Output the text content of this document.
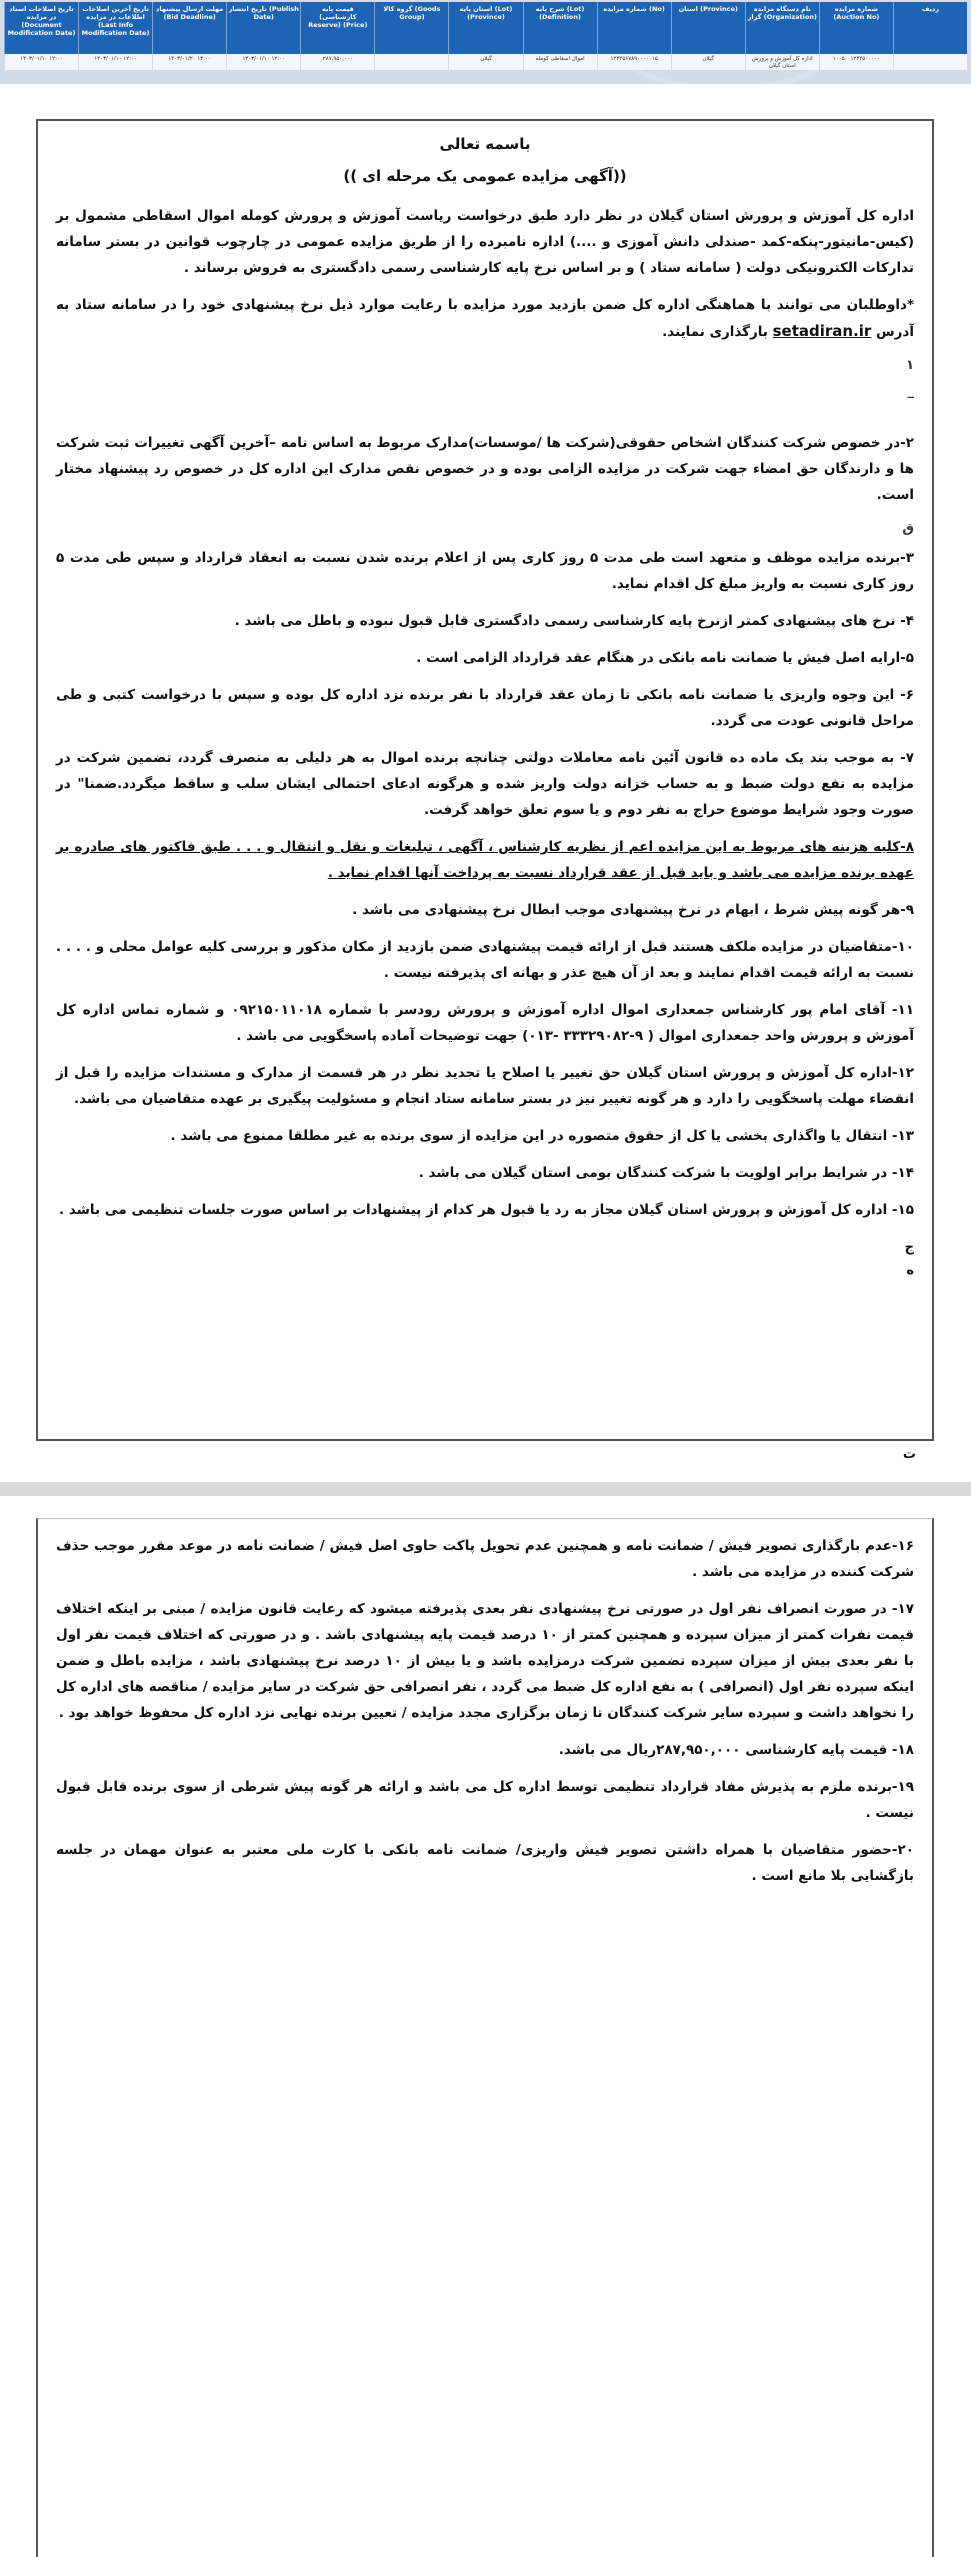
ردیف
شماره مزایده (Auction No)
نام دستگاه مزایده گزار (Organization)
استان (Province)
شماره مزایده (No)
شرح پایه (Lot) (Definition)
استان پایه (Lot) (Province)
گروه کالا (Goods Group)
قیمت پایه (کارشناسی Reserve) (Price)
تاریخ انتشار (Publish Date)
مهلت ارسال پیشنهاد (Bid Deadline)
تاریخ آخرین اصلاحات اطلاعات در مزایده (Last Info Modification Date)
تاریخ اصلاحات اسناد در مزایده (Document Modification Date)
۱۰۰۵۰۰۱۲۳۴۵۰۰۰۰۰
اداره کل آموزش و پرورش استان گیلان
گیلان
۱۲۳۴۵۶۷۸۹۰۰۰۰۰۱۵
اموال اسقاطی کومله
گیلان
۲۸۷,۹۵۰,۰۰۰
۱۴۰۳/۰۱/۱۰ ۱۲:۰۰
۱۴۰۳/۰۱/۲۰ ۱۴:۰۰
۱۴۰۳/۰۱/۱۰ ۱۲:۰۰
۱۴۰۳/۰۱/۱۰ ۱۲:۰۰
باسمه تعالی
((آگهی مزایده عمومی یک مرحله ای ))

اداره کل آموزش و پرورش استان گیلان در نظر دارد طبق درخواست ریاست آموزش و پرورش کومله اموال اسقاطی مشمول بر (کیس-مانیتور-پنکه-کمد -صندلی دانش آموزی و ....) اداره نامبرده را از طریق مزایده عمومی در چارچوب قوانین در بستر سامانه تدارکات الکترونیکی دولت ( سامانه ستاد ) و بر اساس نرخ پایه کارشناسی رسمی دادگستری به فروش برساند .

*داوطلبان می توانند با هماهنگی اداره کل ضمن بازدید مورد مزایده با رعایت موارد ذیل نرخ پیشنهادی خود را در سامانه ستاد به آدرس setadiran.ir بارگذاری نمایند.

۱
_

۲-در خصوص شرکت کنندگان اشخاص حقوقی(شرکت ها /موسسات)مدارک مربوط به اساس نامه –آخرین آگهی تغییرات ثبت شرکت ها و دارندگان حق امضاء جهت شرکت در مزایده الزامی بوده و در خصوص نقص مدارک این اداره کل در خصوص رد پیشنهاد مختار است.

ق

۳-برنده مزایده موظف و متعهد است طی مدت ۵ روز کاری پس از اعلام برنده شدن نسبت به انعقاد قرارداد و سپس طی مدت ۵ روز کاری نسبت به واریز مبلغ کل اقدام نماید.

۴- نرخ های پیشنهادی کمتر ازنرخ پایه کارشناسی رسمی دادگستری قابل قبول نبوده و باطل می باشد .

۵-ارایه اصل فیش یا ضمانت نامه بانکی در هنگام عقد قرارداد الزامی است .

۶- این وجوه واریزی یا ضمانت نامه بانکی تا زمان عقد قرارداد با نفر برنده نزد اداره کل بوده و سپس با درخواست کتبی و طی مراحل قانونی عودت می گردد.

۷- به موجب بند یک ماده ده قانون آئین نامه معاملات دولتی چنانچه برنده اموال به هر دلیلی به منصرف گردد، تضمین شرکت در مزایده به نفع دولت ضبط و به حساب خزانه دولت واریز شده و هرگونه ادعای احتمالی ایشان سلب و ساقط میگردد.ضمنا" در صورت وجود شرایط موضوع حراج به نفر دوم و یا سوم تعلق خواهد گرفت.

۸-کلیه هزینه های مربوط به این مزایده اعم از نظریه کارشناس ، آگهی ، تبلیغات و نقل و انتقال و . . . طبق فاکتور های صادره بر عهده برنده مزایده می باشد و باید قبل از عقد قرارداد نسبت به پرداخت آنها اقدام نماید .

۹-هر گونه پیش شرط ، ابهام در نرخ پیشنهادی موجب ابطال نرخ پیشنهادی می باشد .

۱۰-متقاضیان در مزایده ملکف هستند قبل از ارائه قیمت پیشنهادی ضمن بازدید از مکان مذکور و بررسی کلیه عوامل محلی و . . . . نسبت به ارائه قیمت اقدام نمایند و بعد از آن هیچ عذر و بهانه ای پذیرفته نیست .

۱۱- آقای امام پور کارشناس جمعداری اموال اداره آموزش و پرورش رودسر با شماره ۰۹۲۱۵۰۱۱۰۱۸ و شماره تماس اداره کل آموزش و پرورش واحد جمعداری اموال ( ۹-۳۳۳۲۹۰۸۲ -۰۱۳) جهت توضیحات آماده پاسخگویی می باشد .

۱۲-اداره کل آموزش و پرورش استان گیلان حق تغییر یا اصلاح یا تجدید نظر در هر قسمت از مدارک و مستندات مزایده را قبل از انقضاء مهلت پاسخگویی را دارد و هر گونه تغییر نیز در بستر سامانه ستاد انجام و مسئولیت پیگیری بر عهده متقاضیان می باشد.

۱۳- انتقال یا واگذاری بخشی یا کل از حقوق متصوره در این مزایده از سوی برنده به غیر مطلقا ممنوع می باشد .

۱۴- در شرایط برابر اولویت با شرکت کنندگان بومی استان گیلان می باشد .

۱۵- اداره کل آموزش و پرورش استان گیلان مجاز به رد یا قبول هر کدام از پیشنهادات بر اساس صورت جلسات تنظیمی می باشد .

ج
ه
ت

۱۶-عدم بارگذاری تصویر فیش / ضمانت نامه و همچنین عدم تحویل پاکت حاوی اصل فیش / ضمانت نامه در موعد مقرر موجب حذف شرکت کننده در مزایده می باشد .

۱۷- در صورت انصراف نفر اول در صورتی نرخ پیشنهادی نفر بعدی پذیرفته میشود که رعایت قانون مزایده / مبنی بر اینکه اختلاف قیمت نفرات کمتر از میزان سپرده و همچنین کمتر از ۱۰ درصد قیمت پایه پیشنهادی باشد . و در صورتی که اختلاف قیمت نفر اول با نفر بعدی بیش از میزان سپرده تضمین شرکت درمزایده باشد و یا بیش از ۱۰ درصد نرخ پیشنهادی باشد ، مزایده باطل و ضمن اینکه سپرده نفر اول (انصرافی ) به نفع اداره کل ضبط می گردد ، نفر انصرافی حق شرکت در سایر مزایده / مناقصه های اداره کل را نخواهد داشت و سپرده سایر شرکت کنندگان تا زمان برگزاری مجدد مزایده / تعیین برنده نهایی نزد اداره کل محفوظ خواهد بود .

۱۸- قیمت پایه کارشناسی ۲۸۷,۹۵۰,۰۰۰ریال می باشد.

۱۹-برنده ملزم به پذیرش مفاد قرارداد تنظیمی توسط اداره کل می باشد و ارائه هر گونه پیش شرطی از سوی برنده قابل قبول نیست .

۲۰-حضور متقاضیان با همراه داشتن تصویر فیش واریزی/ ضمانت نامه بانکی با کارت ملی معتبر به عنوان مهمان در جلسه بازگشایی بلا مانع است .
